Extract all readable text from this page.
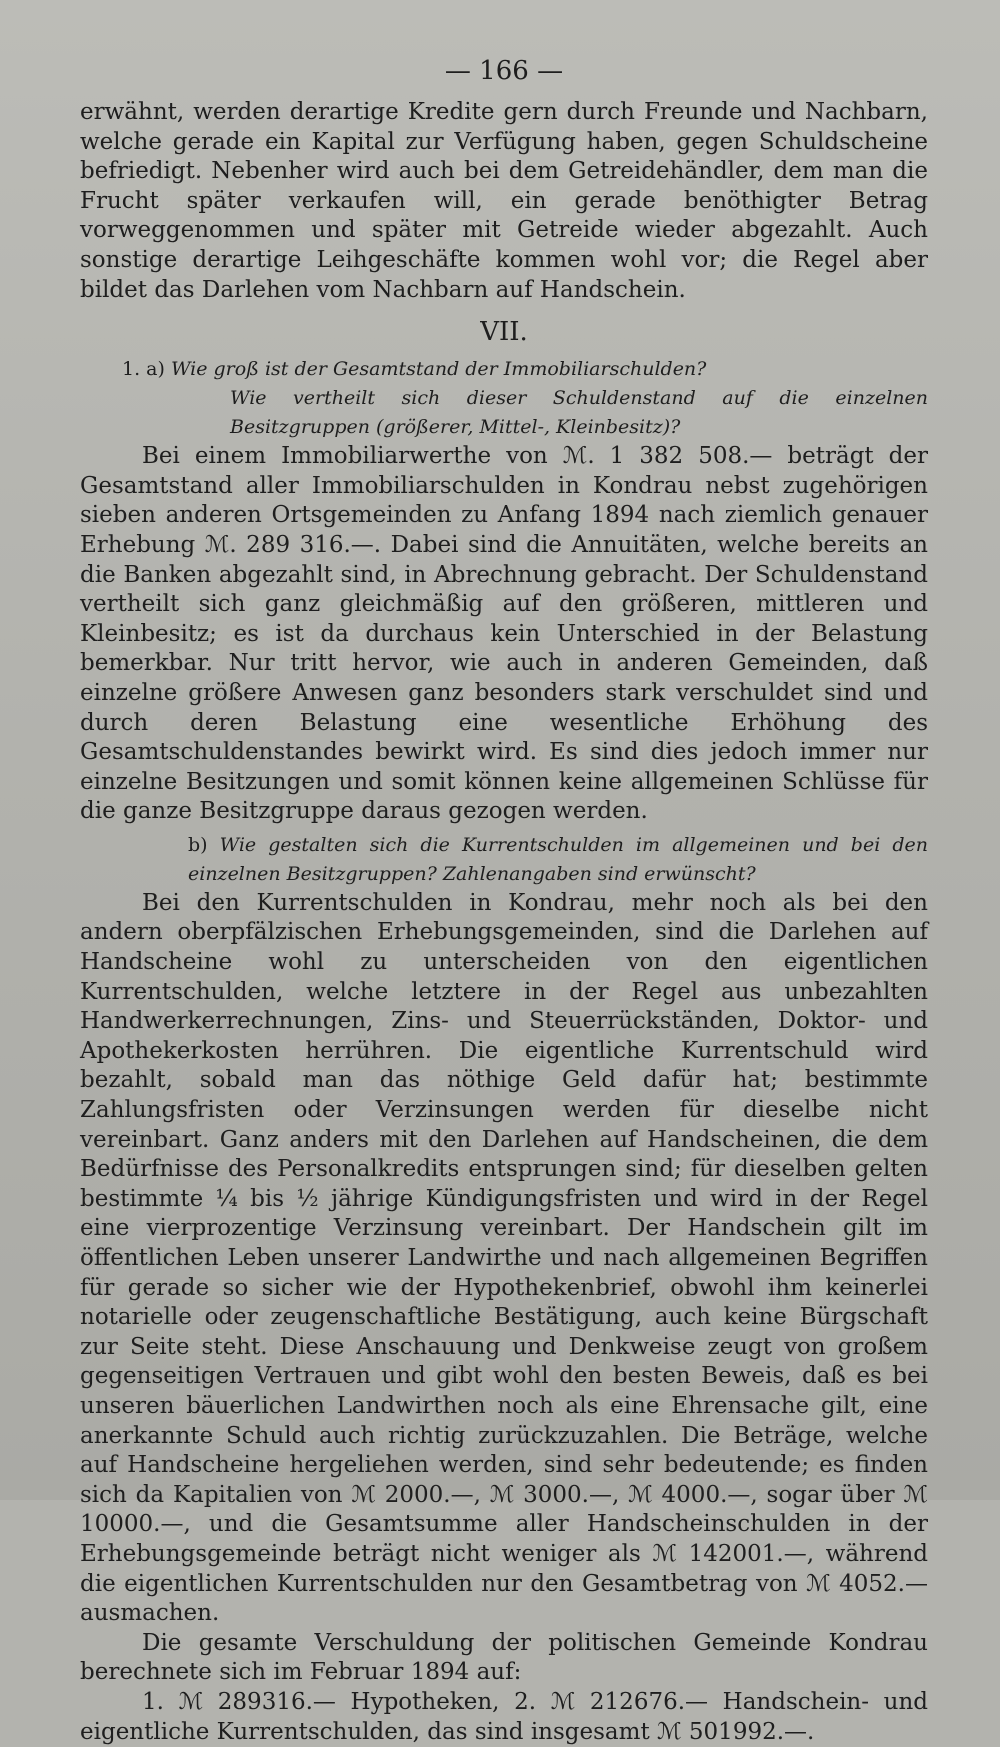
— 166 —

erwähnt, werden derartige Kredite gern durch Freunde und Nachbarn, welche gerade ein Kapital zur Verfügung haben, gegen Schuldscheine befriedigt. Nebenher wird auch bei dem Getreidehändler, dem man die Frucht später verkaufen will, ein gerade benöthigter Betrag vorweggenommen und später mit Getreide wieder abgezahlt. Auch sonstige derartige Leihgeschäfte kommen wohl vor; die Regel aber bildet das Darlehen vom Nachbarn auf Handschein.

VII.

1. a) Wie groß ist der Gesamtstand der Immobiliarschulden?

Wie vertheilt sich dieser Schuldenstand auf die einzelnen Besitzgruppen (größerer, Mittel-, Kleinbesitz)?

Bei einem Immobiliarwerthe von ℳ. 1 382 508.— beträgt der Gesamtstand aller Immobiliarschulden in Kondrau nebst zugehörigen sieben anderen Ortsgemeinden zu Anfang 1894 nach ziemlich genauer Erhebung ℳ. 289 316.—. Dabei sind die Annuitäten, welche bereits an die Banken abgezahlt sind, in Abrechnung gebracht. Der Schuldenstand vertheilt sich ganz gleichmäßig auf den größeren, mittleren und Kleinbesitz; es ist da durchaus kein Unterschied in der Belastung bemerkbar. Nur tritt hervor, wie auch in anderen Gemeinden, daß einzelne größere Anwesen ganz besonders stark verschuldet sind und durch deren Belastung eine wesentliche Erhöhung des Gesamtschuldenstandes bewirkt wird. Es sind dies jedoch immer nur einzelne Besitzungen und somit können keine allgemeinen Schlüsse für die ganze Besitzgruppe daraus gezogen werden.

b) Wie gestalten sich die Kurrentschulden im allgemeinen und bei den einzelnen Besitzgruppen? Zahlenangaben sind erwünscht?

Bei den Kurrentschulden in Kondrau, mehr noch als bei den andern oberpfälzischen Erhebungsgemeinden, sind die Darlehen auf Handscheine wohl zu unterscheiden von den eigentlichen Kurrentschulden, welche letztere in der Regel aus unbezahlten Handwerkerrechnungen, Zins- und Steuerrückständen, Doktor- und Apothekerkosten herrühren. Die eigentliche Kurrentschuld wird bezahlt, sobald man das nöthige Geld dafür hat; bestimmte Zahlungsfristen oder Verzinsungen werden für dieselbe nicht vereinbart. Ganz anders mit den Darlehen auf Handscheinen, die dem Bedürfnisse des Personalkredits entsprungen sind; für dieselben gelten bestimmte ¼ bis ½ jährige Kündigungsfristen und wird in der Regel eine vierprozentige Verzinsung vereinbart. Der Handschein gilt im öffentlichen Leben unserer Landwirthe und nach allgemeinen Begriffen für gerade so sicher wie der Hypothekenbrief, obwohl ihm keinerlei notarielle oder zeugenschaftliche Bestätigung, auch keine Bürgschaft zur Seite steht. Diese Anschauung und Denkweise zeugt von großem gegenseitigen Vertrauen und gibt wohl den besten Beweis, daß es bei unseren bäuerlichen Landwirthen noch als eine Ehrensache gilt, eine anerkannte Schuld auch richtig zurückzuzahlen. Die Beträge, welche auf Handscheine hergeliehen werden, sind sehr bedeutende; es finden sich da Kapitalien von ℳ 2000.—, ℳ 3000.—, ℳ 4000.—, sogar über ℳ 10000.—, und die Gesamtsumme aller Handscheinschulden in der Erhebungsgemeinde beträgt nicht weniger als ℳ 142001.—, während die eigentlichen Kurrentschulden nur den Gesamtbetrag von ℳ 4052.— ausmachen.

Die gesamte Verschuldung der politischen Gemeinde Kondrau berechnete sich im Februar 1894 auf:

1. ℳ 289316.— Hypotheken, 2. ℳ 212676.— Handschein- und eigentliche Kurrentschulden, das sind insgesamt ℳ 501992.—.
